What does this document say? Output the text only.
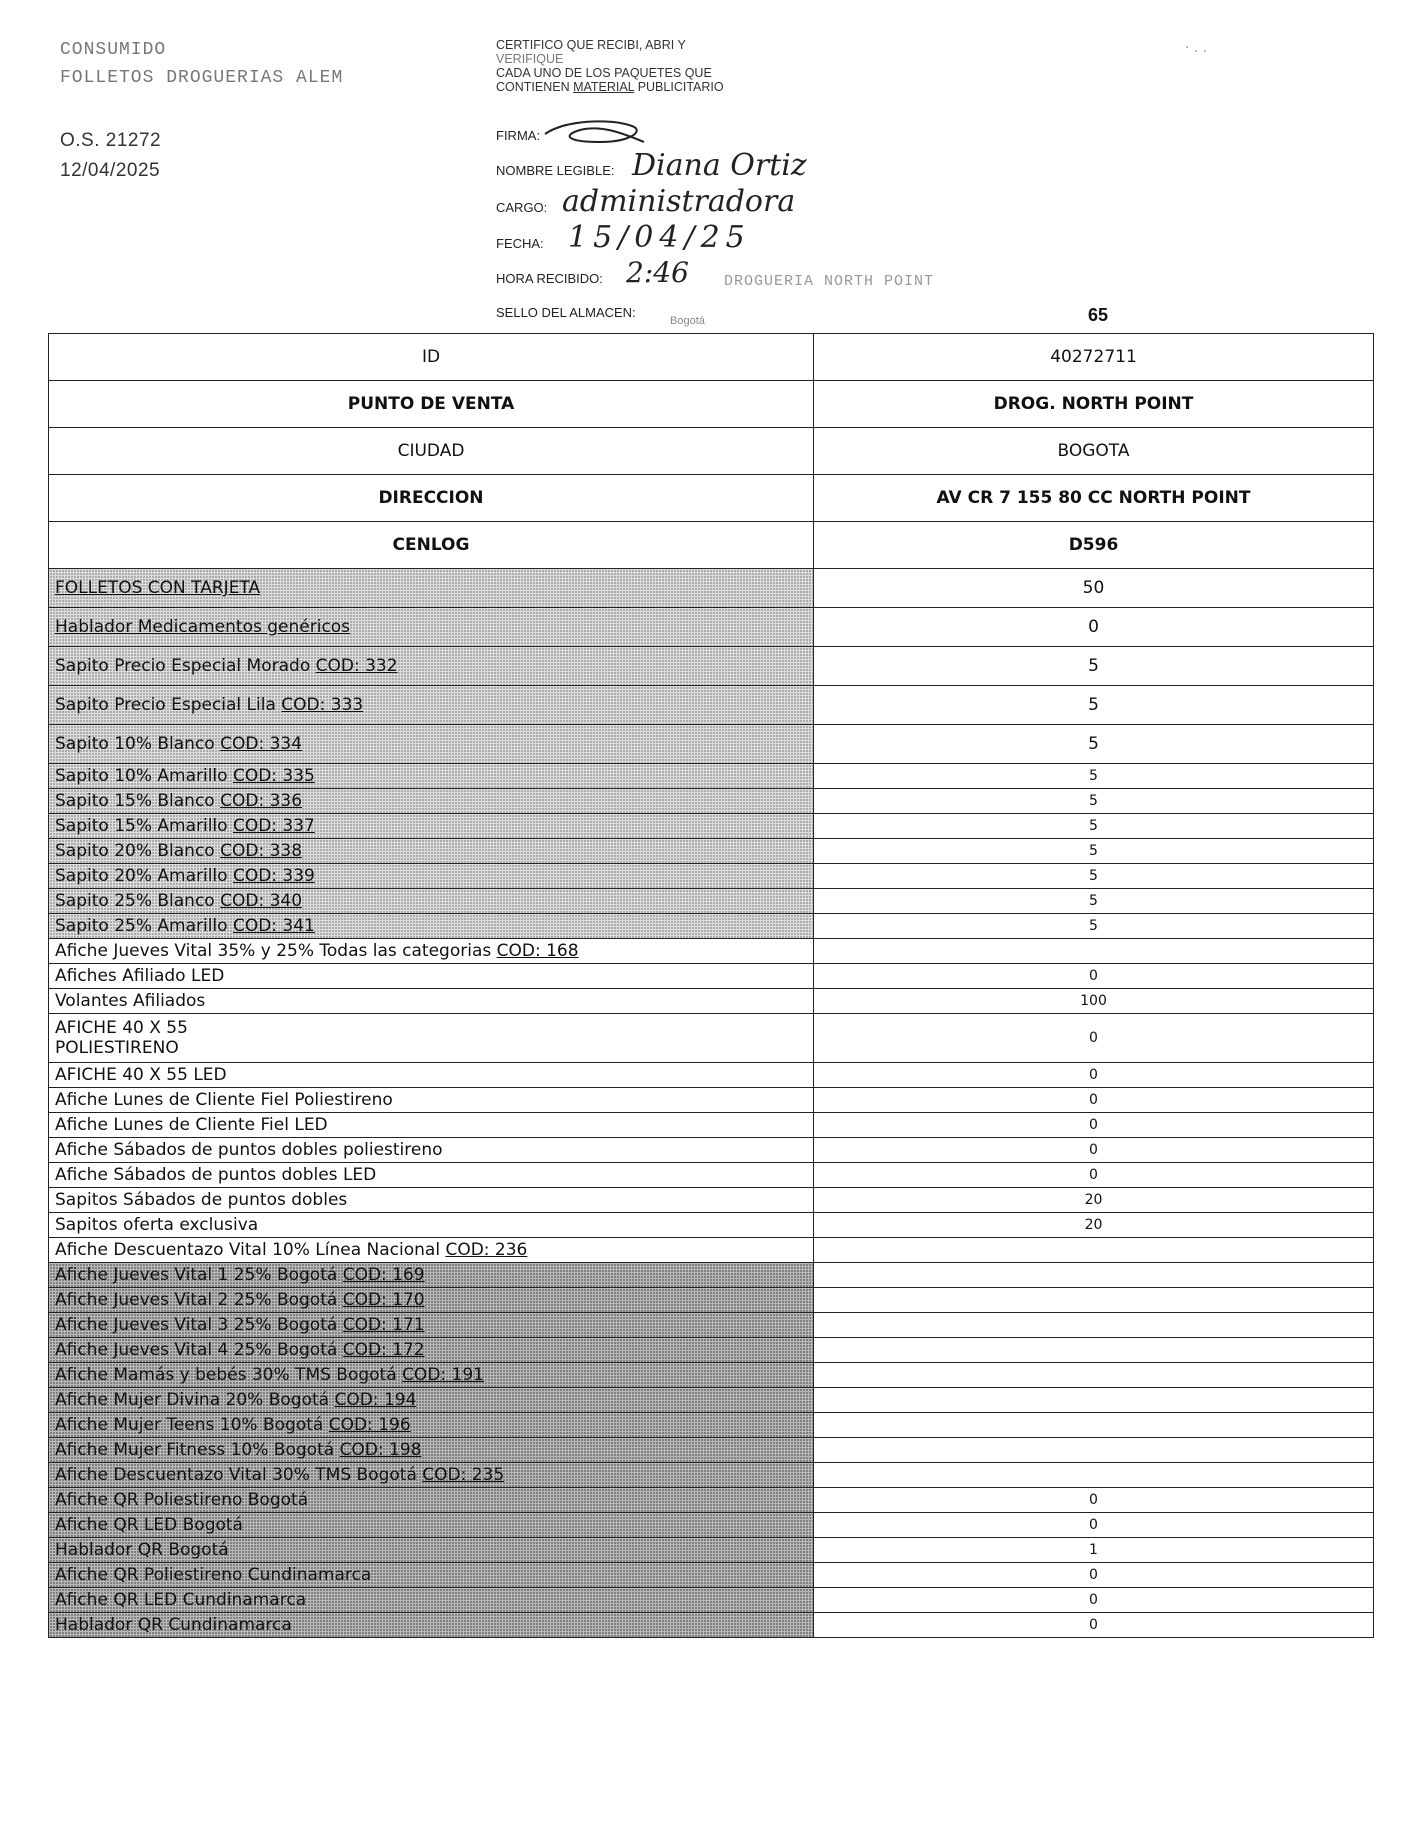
CONSUMIDO
FOLLETOS DROGUERIAS ALEM
O.S. 21272
12/04/2025
· . .
CERTIFICO QUE RECIBI, ABRI Y
VERIFIQUE
CADA UNO DE LOS PAQUETES QUE
CONTIENEN MATERIAL PUBLICITARIO
FIRMA:
NOMBRE LEGIBLE: Diana Ortiz
CARGO: administradora
FECHA: 15/04/25
HORA RECIBIDO: 2:46 DROGUERIA NORTH POINT
SELLO DEL ALMACEN:
Bogotá	65
ID	40272711
PUNTO DE VENTA	DROG. NORTH POINT
CIUDAD	BOGOTA
DIRECCION	AV CR 7 155 80 CC NORTH POINT
CENLOG	D596
FOLLETOS CON TARJETA	50
Hablador Medicamentos genéricos	0
Sapito Precio Especial Morado COD: 332	5
Sapito Precio Especial Lila COD: 333	5
Sapito 10% Blanco COD: 334	5
Sapito 10% Amarillo COD: 335	5
Sapito 15% Blanco COD: 336	5
Sapito 15% Amarillo COD: 337	5
Sapito 20% Blanco COD: 338	5
Sapito 20% Amarillo COD: 339	5
Sapito 25% Blanco COD: 340	5
Sapito 25% Amarillo COD: 341	5
Afiche Jueves Vital 35% y 25% Todas las categorias COD: 168	
Afiches Afiliado LED	0
Volantes Afiliados	100

AFICHE 40 X 55
POLIESTIRENO	0
AFICHE 40 X 55 LED	0
Afiche Lunes de Cliente Fiel Poliestireno	0
Afiche Lunes de Cliente Fiel LED	0
Afiche Sábados de puntos dobles poliestireno	0
Afiche Sábados de puntos dobles LED	0
Sapitos Sábados de puntos dobles	20
Sapitos oferta exclusiva	20
Afiche Descuentazo Vital 10% Línea Nacional COD: 236	
Afiche Jueves Vital 1 25% Bogotá COD: 169	
Afiche Jueves Vital 2 25% Bogotá COD: 170	
Afiche Jueves Vital 3 25% Bogotá COD: 171	
Afiche Jueves Vital 4 25% Bogotá COD: 172	
Afiche Mamás y bebés 30% TMS Bogotá COD: 191	
Afiche Mujer Divina 20% Bogotá COD: 194	
Afiche Mujer Teens 10% Bogotá COD: 196	
Afiche Mujer Fitness 10% Bogotá COD: 198	
Afiche Descuentazo Vital 30% TMS Bogotá COD: 235	
Afiche QR Poliestireno Bogotá	0
Afiche QR LED Bogotá	0
Hablador QR Bogotá	1
Afiche QR Poliestireno Cundinamarca	0
Afiche QR LED Cundinamarca	0
Hablador QR Cundinamarca	0
